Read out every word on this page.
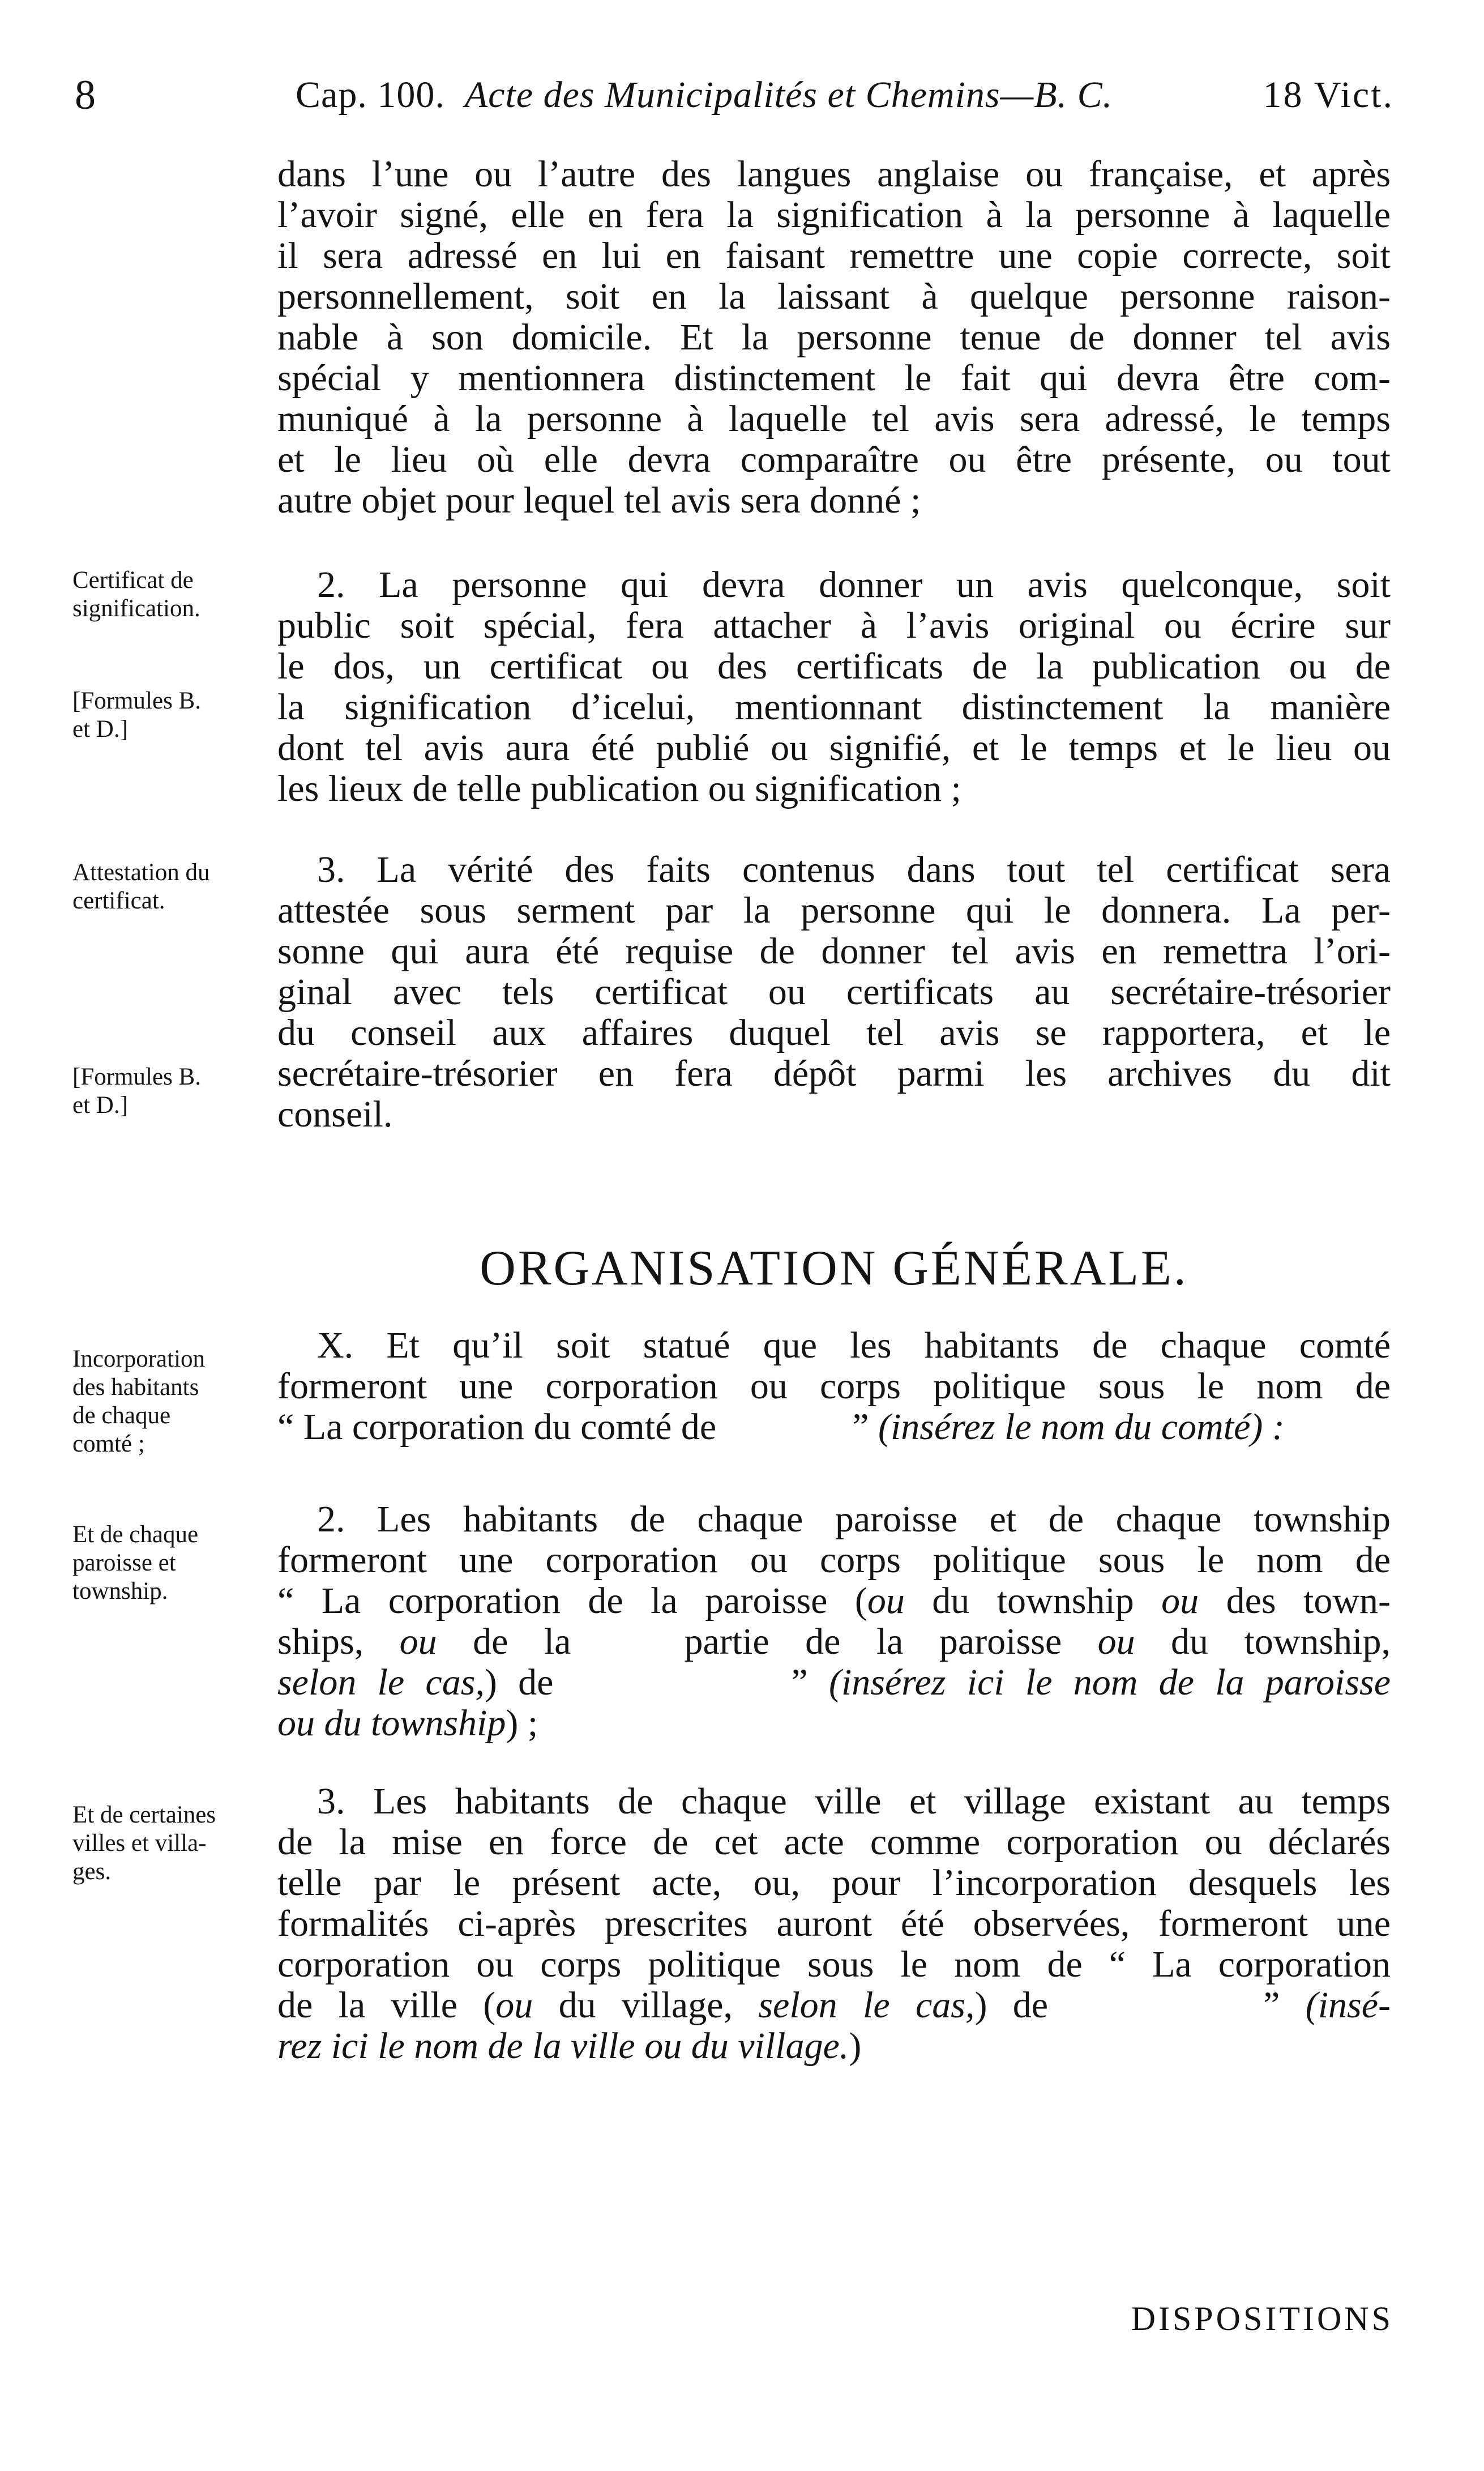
8	Cap. 100. Acte des Municipalités et Chemins—B. C.	18 Vict.
dans l’une ou l’autre des langues anglaise ou française, et après
l’avoir signé, elle en fera la signification à la personne à laquelle
il sera adressé en lui en faisant remettre une copie correcte, soit
personnellement, soit en la laissant à quelque personne raison-
nable à son domicile. Et la personne tenue de donner tel avis
spécial y mentionnera distinctement le fait qui devra être com-
muniqué à la personne à laquelle tel avis sera adressé, le temps
et le lieu où elle devra comparaître ou être présente, ou tout
autre objet pour lequel tel avis sera donné ;
Certificat de
signification.
[Formules B.
et D.]
2. La personne qui devra donner un avis quelconque, soit
public soit spécial, fera attacher à l’avis original ou écrire sur
le dos, un certificat ou des certificats de la publication ou de
la signification d’icelui, mentionnant distinctement la manière
dont tel avis aura été publié ou signifié, et le temps et le lieu ou
les lieux de telle publication ou signification ;
Attestation du
certificat.
[Formules B.
et D.]
3. La vérité des faits contenus dans tout tel certificat sera
attestée sous serment par la personne qui le donnera. La per-
sonne qui aura été requise de donner tel avis en remettra l’ori-
ginal avec tels certificat ou certificats au secrétaire-trésorier
du conseil aux affaires duquel tel avis se rapportera, et le
secrétaire-trésorier en fera dépôt parmi les archives du dit
conseil.
ORGANISATION GÉNÉRALE.
Incorporation
des habitants
de chaque
comté ;
X. Et qu’il soit statué que les habitants de chaque comté
formeront une corporation ou corps politique sous le nom de
“ La corporation du comté de	” (insérez le nom du comté) :
Et de chaque
paroisse et
township.
2. Les habitants de chaque paroisse et de chaque township
formeront une corporation ou corps politique sous le nom de
“ La corporation de la paroisse (ou du township ou des town-
ships, ou de la	partie de la paroisse ou du township,
selon le cas,) de	” (insérez ici le nom de la paroisse
ou du township) ;
Et de certaines
villes et villa-
ges.
3. Les habitants de chaque ville et village existant au temps
de la mise en force de cet acte comme corporation ou déclarés
telle par le présent acte, ou, pour l’incorporation desquels les
formalités ci-après prescrites auront été observées, formeront une
corporation ou corps politique sous le nom de “ La corporation
de la ville (ou du village, selon le cas,) de	” (insé-
rez ici le nom de la ville ou du village.)
DISPOSITIONS
